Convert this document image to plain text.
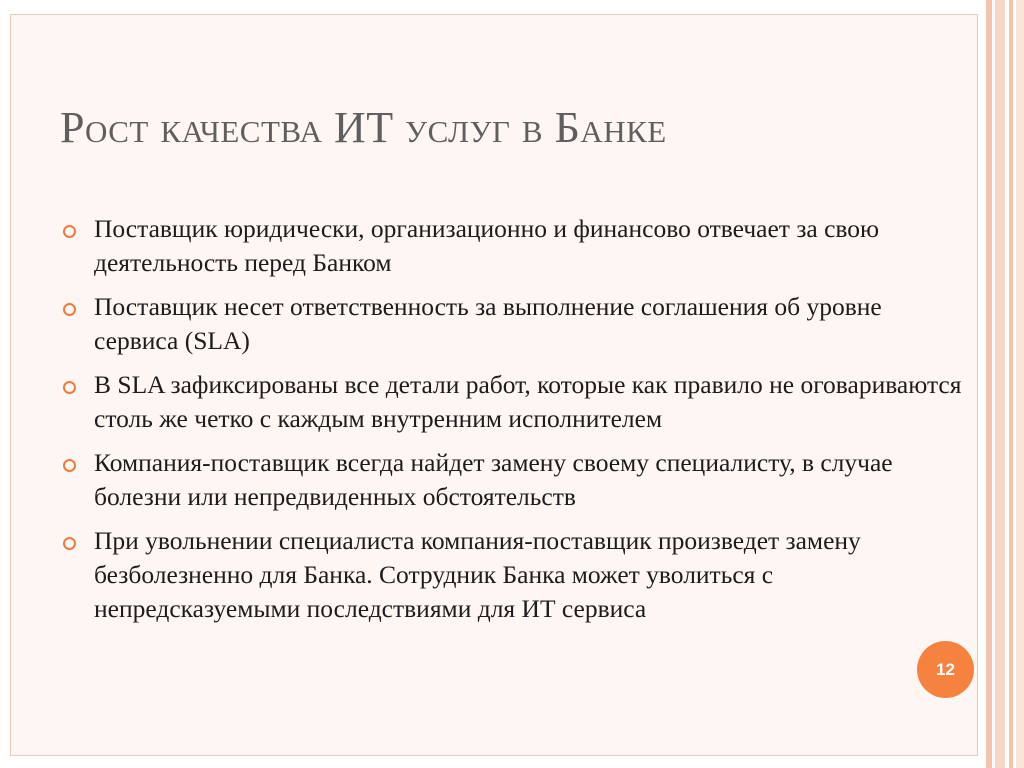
Рост качества ИТ услуг в Банке
Поставщик юридически, организационно и финансово отвечает за свою деятельность перед Банком
Поставщик несет ответственность за выполнение соглашения об уровне сервиса (SLA)
В SLA зафиксированы все детали работ, которые как правило не оговариваются столь же четко с каждым внутренним исполнителем
Компания-поставщик всегда найдет замену своему специалисту, в случае болезни или непредвиденных обстоятельств
При увольнении специалиста компания-поставщик произведет замену безболезненно для Банка. Сотрудник Банка может уволиться с непредсказуемыми последствиями для ИТ сервиса
12
